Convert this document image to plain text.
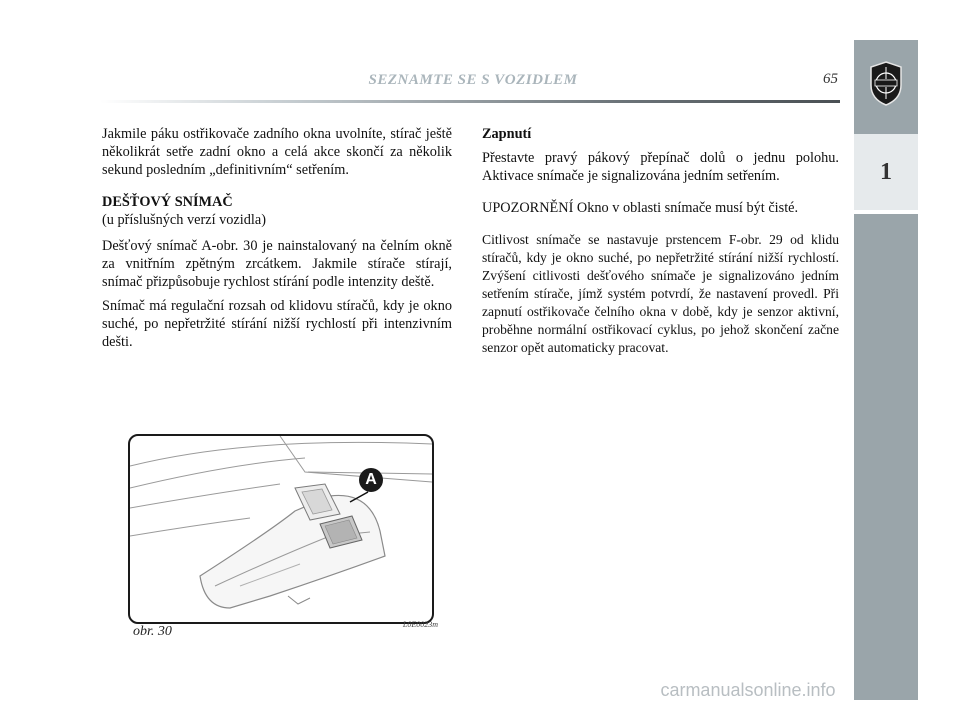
SEZNAMTE SE S VOZIDLEM	65
1

Jakmile páku ostřikovače zadního okna uvolníte, stírač ještě několikrát setře zadní okno a celá akce skončí za několik sekund posledním „definitivním“ setřením.

DEŠŤOVÝ SNÍMAČ

(u příslušných verzí vozidla)

Dešťový snímač A-obr. 30 je nainstalovaný na čelním okně za vnitřním zpětným zrcátkem. Jakmile stírače stírají, snímač přizpůsobuje rychlost stírání podle intenzity deště.

Snímač má regulační rozsah od klidovu stíračů, kdy je okno suché, po nepřetržité stírání nižší rychlostí při intenzivním dešti.

Zapnutí

Přestavte pravý pákový přepínač dolů o jednu polohu. Aktivace snímače je signalizována jedním setřením.

UPOZORNĚNÍ Okno v oblasti snímače musí být čisté.

Citlivost snímače se nastavuje prstencem F-obr. 29 od klidu stíračů, kdy je okno suché, po nepřetržité stírání nižší rychlostí. Zvýšení citlivosti dešťového snímače je signalizováno jedním setřením stírače, jímž systém potvrdí, že nastavení provedl. Při zapnutí ostřikovače čelního okna v době, kdy je senzor aktivní, proběhne normální ostřikovací cyklus, po jehož skončení začne senzor opět automaticky pracovat.

A
obr. 30	L0E0023m
carmanualsonline.info
